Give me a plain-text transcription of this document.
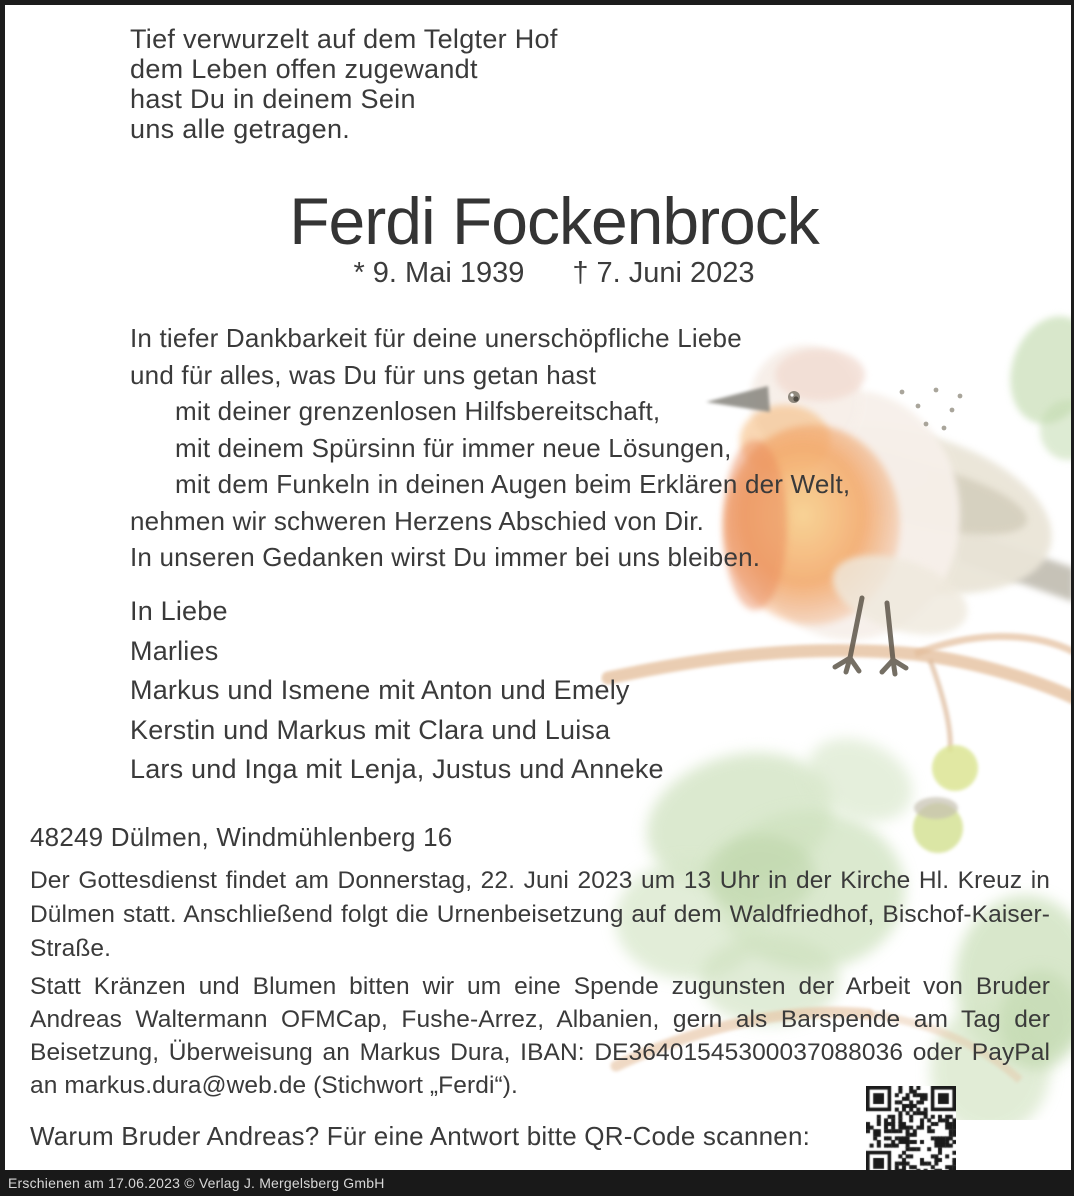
Tief verwurzelt auf dem Telgter Hof
dem Leben offen zugewandt
hast Du in deinem Sein
uns alle getragen.
Ferdi Fockenbrock
* 9. Mai 1939 † 7. Juni 2023
In tiefer Dankbarkeit für deine unerschöpfliche Liebe
und für alles, was Du für uns getan hast
mit deiner grenzenlosen Hilfsbereitschaft,
mit deinem Spürsinn für immer neue Lösungen,
mit dem Funkeln in deinen Augen beim Erklären der Welt,
nehmen wir schweren Herzens Abschied von Dir.
In unseren Gedanken wirst Du immer bei uns bleiben.
In Liebe
Marlies
Markus und Ismene mit Anton und Emely
Kerstin und Markus mit Clara und Luisa
Lars und Inga mit Lenja, Justus und Anneke
48249 Dülmen, Windmühlenberg 16
Der Gottesdienst findet am Donnerstag, 22. Juni 2023 um 13 Uhr in der Kirche Hl. Kreuz in Dülmen statt. Anschließend folgt die Urnenbeisetzung auf dem Waldfriedhof, Bischof-Kaiser-Straße.
Statt Kränzen und Blumen bitten wir um eine Spende zugunsten der Arbeit von Bruder Andreas Waltermann OFMCap, Fushe-Arrez, Albanien, gern als Barspende am Tag der Beisetzung, Überweisung an Markus Dura, IBAN: DE36401545300037088036 oder PayPal an markus.dura@web.de (Stichwort „Ferdi“).
Warum Bruder Andreas? Für eine Antwort bitte QR-Code scannen:
Erschienen am 17.06.2023 © Verlag J. Mergelsberg GmbH
